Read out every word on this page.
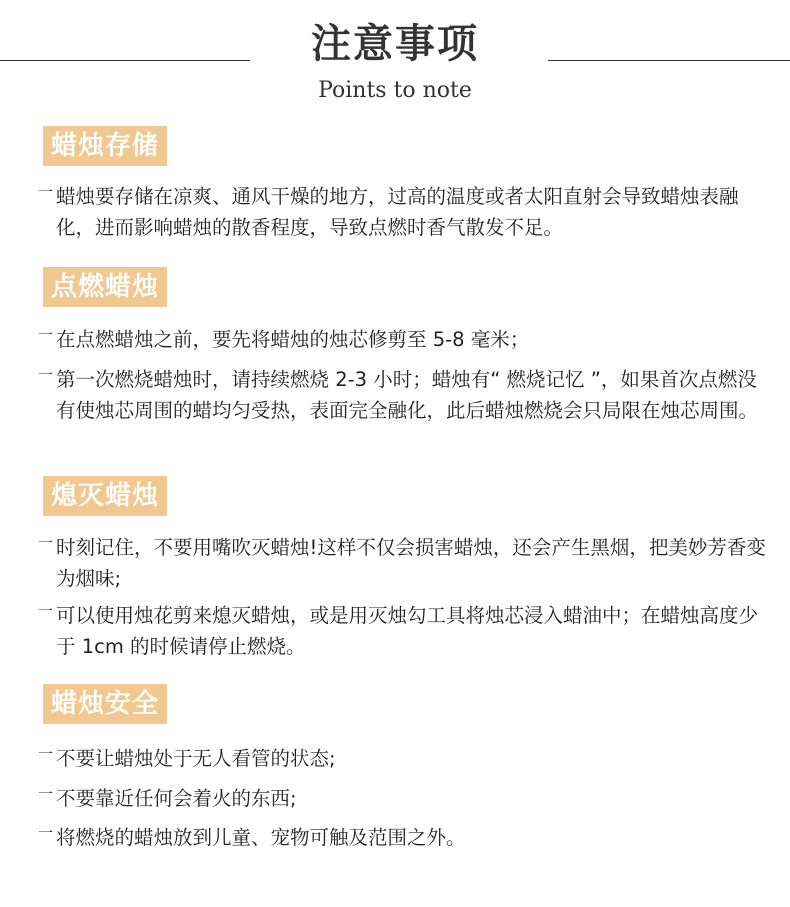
注意事项
Points to note
蜡烛存储
一 蜡烛要存储在凉爽、通风干燥的地方，过高的温度或者太阳直射会导致蜡烛表融化，进而影响蜡烛的散香程度，导致点燃时香气散发不足。
点燃蜡烛
一 在点燃蜡烛之前，要先将蜡烛的烛芯修剪至 5-8 毫米；
一 第一次燃烧蜡烛时，请持续燃烧 2-3 小时；蜡烛有“ 燃烧记忆 ”，如果首次点燃没有使烛芯周围的蜡均匀受热，表面完全融化，此后蜡烛燃烧会只局限在烛芯周围。
熄灭蜡烛
一 时刻记住，不要用嘴吹灭蜡烛!这样不仅会损害蜡烛，还会产生黑烟，把美妙芳香变为烟味;
一 可以使用烛花剪来熄灭蜡烛，或是用灭烛勾工具将烛芯浸入蜡油中；在蜡烛高度少于 1cm 的时候请停止燃烧。
蜡烛安全
一 不要让蜡烛处于无人看管的状态;
一 不要靠近任何会着火的东西;
一 将燃烧的蜡烛放到儿童、宠物可触及范围之外。
